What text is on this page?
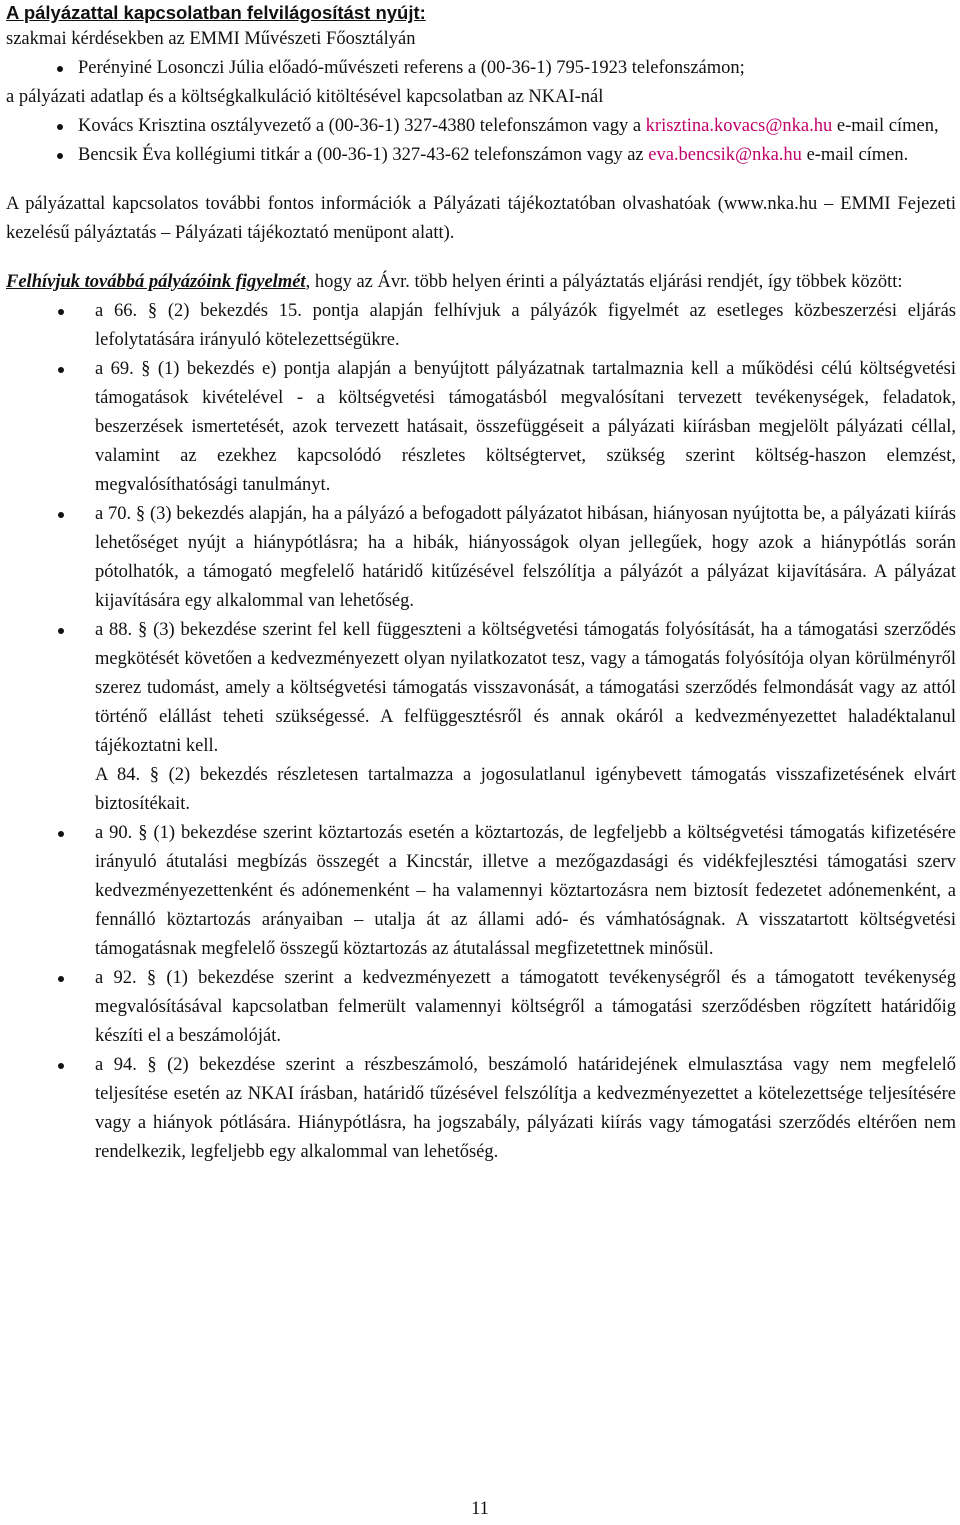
A pályázattal kapcsolatban felvilágosítást nyújt:
szakmai kérdésekben az EMMI Művészeti Főosztályán
Perényiné Losonczi Júlia előadó-művészeti referens a (00-36-1) 795-1923 telefonszámon;
a pályázati adatlap és a költségkalkuláció kitöltésével kapcsolatban az NKAI-nál
Kovács Krisztina osztályvezető a (00-36-1) 327-4380 telefonszámon vagy a krisztina.kovacs@nka.hu e-mail címen,
Bencsik Éva kollégiumi titkár a (00-36-1) 327-43-62 telefonszámon vagy az eva.bencsik@nka.hu e-mail címen.
A pályázattal kapcsolatos további fontos információk a Pályázati tájékoztatóban olvashatóak (www.nka.hu – EMMI Fejezeti kezelésű pályáztatás – Pályázati tájékoztató menüpont alatt).
Felhívjuk továbbá pályázóink figyelmét, hogy az Ávr. több helyen érinti a pályáztatás eljárási rendjét, így többek között:
a 66. § (2) bekezdés 15. pontja alapján felhívjuk a pályázók figyelmét az esetleges közbeszerzési eljárás lefolytatására irányuló kötelezettségükre.
a 69. § (1) bekezdés e) pontja alapján a benyújtott pályázatnak tartalmaznia kell a működési célú költségvetési támogatások kivételével - a költségvetési támogatásból megvalósítani tervezett tevékenységek, feladatok, beszerzések ismertetését, azok tervezett hatásait, összefüggéseit a pályázati kiírásban megjelölt pályázati céllal, valamint az ezekhez kapcsolódó részletes költségtervet, szükség szerint költség-haszon elemzést, megvalósíthatósági tanulmányt.
a 70. § (3) bekezdés alapján, ha a pályázó a befogadott pályázatot hibásan, hiányosan nyújtotta be, a pályázati kiírás lehetőséget nyújt a hiánypótlásra; ha a hibák, hiányosságok olyan jellegűek, hogy azok a hiánypótlás során pótolhatók, a támogató megfelelő határidő kitűzésével felszólítja a pályázót a pályázat kijavítására. A pályázat kijavítására egy alkalommal van lehetőség.
a 88. § (3) bekezdése szerint fel kell függeszteni a költségvetési támogatás folyósítását, ha a támogatási szerződés megkötését követően a kedvezményezett olyan nyilatkozatot tesz, vagy a támogatás folyósítója olyan körülményről szerez tudomást, amely a költségvetési támogatás visszavonását, a támogatási szerződés felmondását vagy az attól történő elállást teheti szükségessé. A felfüggesztésről és annak okáról a kedvezményezettet haladéktalanul tájékoztatni kell.
A 84. § (2) bekezdés részletesen tartalmazza a jogosulatlanul igénybevett támogatás visszafizetésének elvárt biztosítékait.
a 90. § (1) bekezdése szerint köztartozás esetén a köztartozás, de legfeljebb a költségvetési támogatás kifizetésére irányuló átutalási megbízás összegét a Kincstár, illetve a mezőgazdasági és vidékfejlesztési támogatási szerv kedvezményezettenként és adónemenként – ha valamennyi köztartozásra nem biztosít fedezetet adónemenként, a fennálló köztartozás arányaiban – utalja át az állami adó- és vámhatóságnak. A visszatartott költségvetési támogatásnak megfelelő összegű köztartozás az átutalással megfizetettnek minősül.
a 92. § (1) bekezdése szerint a kedvezményezett a támogatott tevékenységről és a támogatott tevékenység megvalósításával kapcsolatban felmerült valamennyi költségről a támogatási szerződésben rögzített határidőig készíti el a beszámolóját.
a 94. § (2) bekezdése szerint a részbeszámoló, beszámoló határidejének elmulasztása vagy nem megfelelő teljesítése esetén az NKAI írásban, határidő tűzésével felszólítja a kedvezményezettet a kötelezettsége teljesítésére vagy a hiányok pótlására. Hiánypótlásra, ha jogszabály, pályázati kiírás vagy támogatási szerződés eltérően nem rendelkezik, legfeljebb egy alkalommal van lehetőség.
11
